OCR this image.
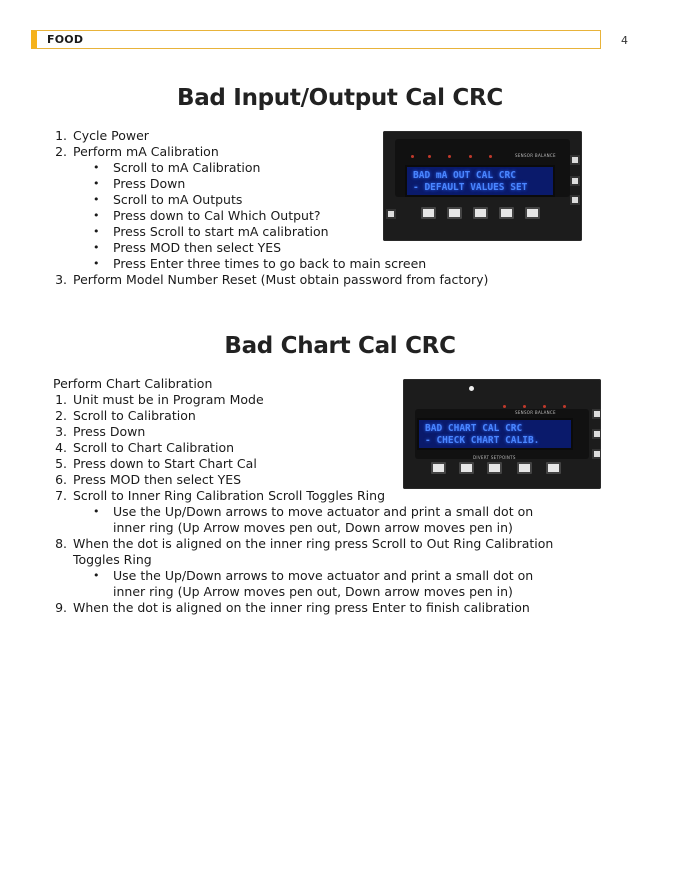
FOOD	4
Bad Input/Output Cal CRC
1. Cycle Power
2. Perform mA Calibration
• Scroll to mA Calibration
• Press Down
• Scroll to mA Outputs
• Press down to Cal Which Output?
• Press Scroll to start mA calibration
• Press MOD then select YES
• Press Enter three times to go back to main screen
3. Perform Model Number Reset (Must obtain password from factory)
SENSOR BALANCE
BAD mA OUT CAL CRC
- DEFAULT VALUES SET
Bad Chart Cal CRC
Perform Chart Calibration
1. Unit must be in Program Mode
2. Scroll to Calibration
3. Press Down
4. Scroll to Chart Calibration
5. Press down to Start Chart Cal
6. Press MOD then select YES
7. Scroll to Inner Ring Calibration Scroll Toggles Ring
• Use the Up/Down arrows to move actuator and print a small dot on
inner ring (Up Arrow moves pen out, Down arrow moves pen in)
8. When the dot is aligned on the inner ring press Scroll to Out Ring Calibration
Toggles Ring
• Use the Up/Down arrows to move actuator and print a small dot on
inner ring (Up Arrow moves pen out, Down arrow moves pen in)
9. When the dot is aligned on the inner ring press Enter to finish calibration
SENSOR BALANCE
BAD CHART CAL CRC
- CHECK CHART CALIB.
DIVERT SETPOINTS
